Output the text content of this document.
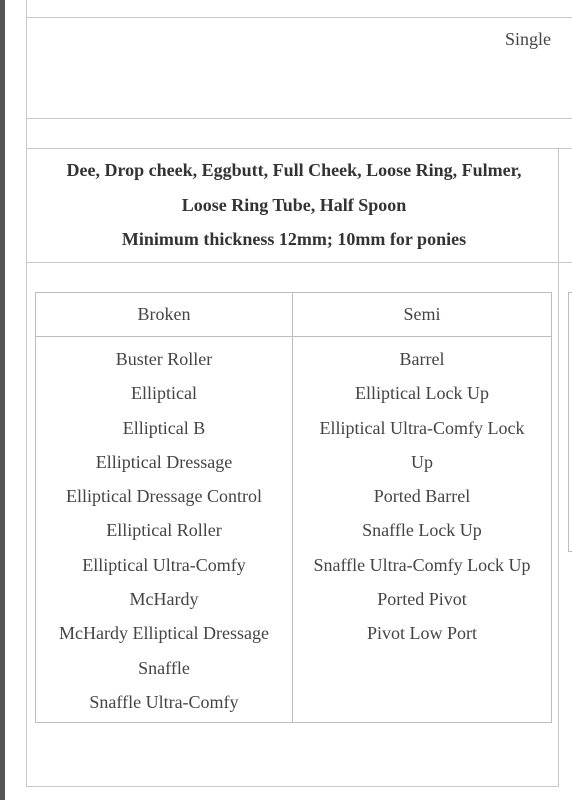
Single
Dee, Drop cheek, Eggbutt, Full Cheek, Loose Ring, Fulmer,
Loose Ring Tube, Half Spoon
Minimum thickness 12mm; 10mm for ponies
Broken	Semi
Buster Roller
Elliptical
Elliptical B
Elliptical Dressage
Elliptical Dressage Control
Elliptical Roller
Elliptical Ultra-Comfy
McHardy
McHardy Elliptical Dressage
Snaffle
Snaffle Ultra-Comfy
Barrel
Elliptical Lock Up
Elliptical Ultra-Comfy Lock
Up
Ported Barrel
Snaffle Lock Up
Snaffle Ultra-Comfy Lock Up
Ported Pivot
Pivot Low Port
